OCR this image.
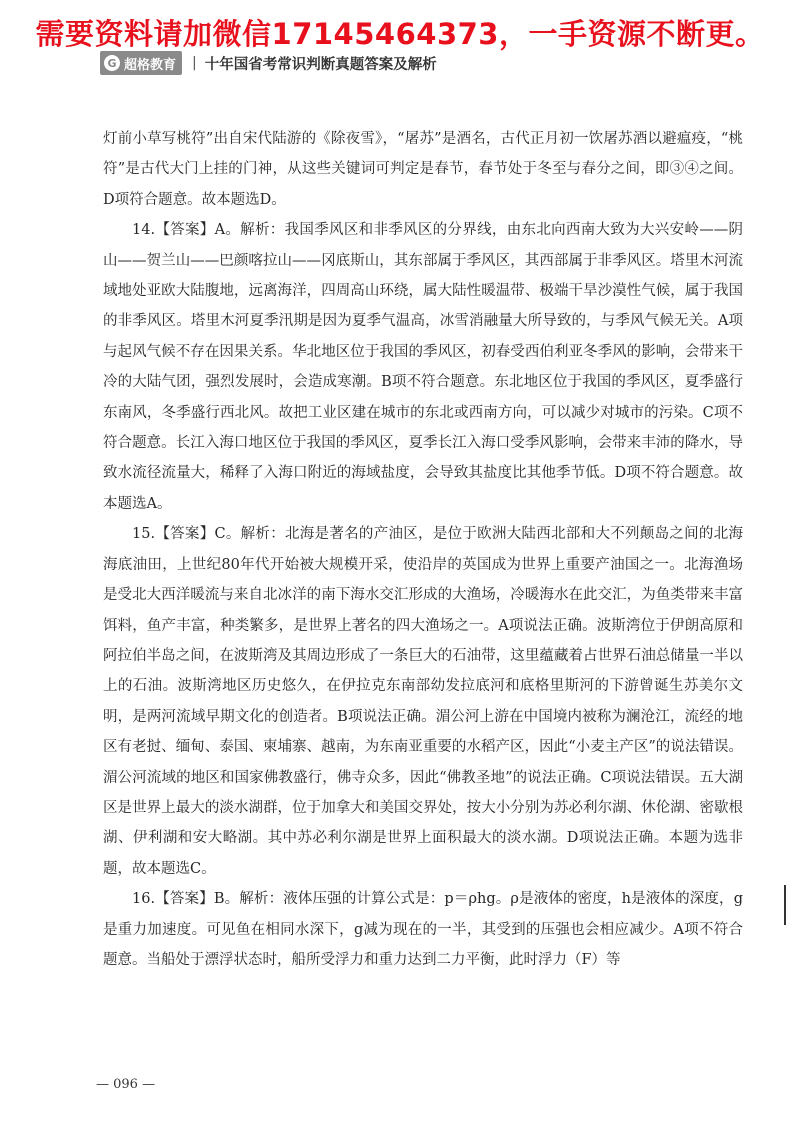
需要资料请加微信17145464373，一手资源不断更。
G 超格教育 | 十年国省考常识判断真题答案及解析

灯前小草写桃符”出自宋代陆游的《除夜雪》，“屠苏”是酒名，古代正月初一饮屠苏酒以避瘟疫，“桃符”是古代大门上挂的门神，从这些关键词可判定是春节，春节处于冬至与春分之间，即③④之间。D项符合题意。故本题选D。

14.【答案】A。解析：我国季风区和非季风区的分界线，由东北向西南大致为大兴安岭——阴山——贺兰山——巴颜喀拉山——冈底斯山，其东部属于季风区，其西部属于非季风区。塔里木河流域地处亚欧大陆腹地，远离海洋，四周高山环绕，属大陆性暖温带、极端干旱沙漠性气候，属于我国的非季风区。塔里木河夏季汛期是因为夏季气温高，冰雪消融量大所导致的，与季风气候无关。A项与起风气候不存在因果关系。华北地区位于我国的季风区，初春受西伯利亚冬季风的影响，会带来干冷的大陆气团，强烈发展时，会造成寒潮。B项不符合题意。东北地区位于我国的季风区，夏季盛行东南风，冬季盛行西北风。故把工业区建在城市的东北或西南方向，可以减少对城市的污染。C项不符合题意。长江入海口地区位于我国的季风区，夏季长江入海口受季风影响，会带来丰沛的降水，导致水流径流量大，稀释了入海口附近的海域盐度，会导致其盐度比其他季节低。D项不符合题意。故本题选A。

15.【答案】C。解析：北海是著名的产油区，是位于欧洲大陆西北部和大不列颠岛之间的北海海底油田，上世纪80年代开始被大规模开采，使沿岸的英国成为世界上重要产油国之一。北海渔场是受北大西洋暖流与来自北冰洋的南下海水交汇形成的大渔场，冷暖海水在此交汇，为鱼类带来丰富饵料，鱼产丰富，种类繁多，是世界上著名的四大渔场之一。A项说法正确。波斯湾位于伊朗高原和阿拉伯半岛之间，在波斯湾及其周边形成了一条巨大的石油带，这里蕴藏着占世界石油总储量一半以上的石油。波斯湾地区历史悠久，在伊拉克东南部幼发拉底河和底格里斯河的下游曾诞生苏美尔文明，是两河流域早期文化的创造者。B项说法正确。湄公河上游在中国境内被称为澜沧江，流经的地区有老挝、缅甸、泰国、柬埔寨、越南，为东南亚重要的水稻产区，因此“小麦主产区”的说法错误。湄公河流域的地区和国家佛教盛行，佛寺众多，因此“佛教圣地”的说法正确。C项说法错误。五大湖区是世界上最大的淡水湖群，位于加拿大和美国交界处，按大小分别为苏必利尔湖、休伦湖、密歇根湖、伊利湖和安大略湖。其中苏必利尔湖是世界上面积最大的淡水湖。D项说法正确。本题为选非题，故本题选C。

16.【答案】B。解析：液体压强的计算公式是：p＝ρhg。ρ是液体的密度，h是液体的深度，g是重力加速度。可见鱼在相同水深下，g减为现在的一半，其受到的压强也会相应减少。A项不符合题意。当船处于漂浮状态时，船所受浮力和重力达到二力平衡，此时浮力（F）等

— 096 —
